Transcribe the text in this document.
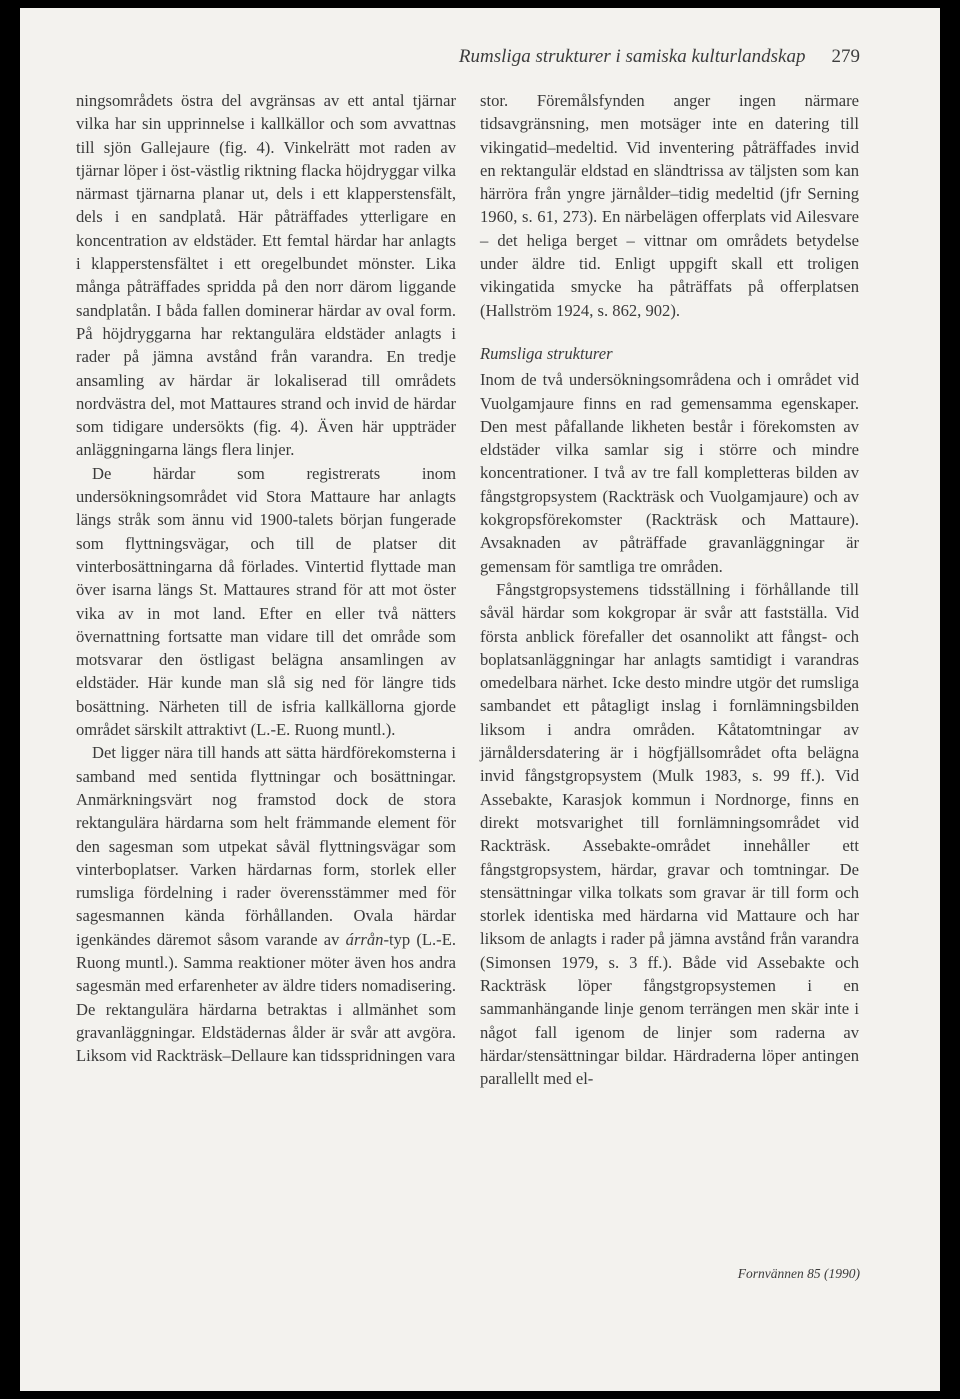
Rumsliga strukturer i samiska kulturlandskap 279

ningsområdets östra del avgränsas av ett antal tjärnar vilka har sin upprinnelse i kallkällor och som avvattnas till sjön Gallejaure (fig. 4). Vinkelrätt mot raden av tjärnar löper i öst-västlig riktning flacka höjdryggar vilka närmast tjärnarna planar ut, dels i ett klapperstensfält, dels i en sandplatå. Här påträffades ytterligare en koncentration av eldstäder. Ett femtal härdar har anlagts i klapperstensfältet i ett oregelbundet mönster. Lika många påträffades spridda på den norr därom liggande sandplatån. I båda fallen dominerar härdar av oval form. På höjdryggarna har rektangulära eldstäder anlagts i rader på jämna avstånd från varandra. En tredje ansamling av härdar är lokaliserad till områdets nordvästra del, mot Mattaures strand och invid de härdar som tidigare undersökts (fig. 4). Även här uppträder anläggningarna längs flera linjer.

De härdar som registrerats inom undersökningsområdet vid Stora Mattaure har anlagts längs stråk som ännu vid 1900-talets början fungerade som flyttningsvägar, och till de platser dit vinterbosättningarna då förlades. Vintertid flyttade man över isarna längs St. Mattaures strand för att mot öster vika av in mot land. Efter en eller två nätters övernattning fortsatte man vidare till det område som motsvarar den östligast belägna ansamlingen av eldstäder. Här kunde man slå sig ned för längre tids bosättning. Närheten till de isfria kallkällorna gjorde området särskilt attraktivt (L.-E. Ruong muntl.).

Det ligger nära till hands att sätta härdförekomsterna i samband med sentida flyttningar och bosättningar. Anmärkningsvärt nog framstod dock de stora rektangulära härdarna som helt främmande element för den sagesman som utpekat såväl flyttningsvägar som vinterboplatser. Varken härdarnas form, storlek eller rumsliga fördelning i rader överensstämmer med för sagesmannen kända förhållanden. Ovala härdar igenkändes däremot såsom varande av árrån-typ (L.-E. Ruong muntl.). Samma reaktioner möter även hos andra sagesmän med erfarenheter av äldre tiders nomadisering. De rektangulära härdarna betraktas i allmänhet som gravanläggningar. Eldstädernas ålder är svår att avgöra. Liksom vid Rackträsk–Dellaure kan tidsspridningen vara

stor. Föremålsfynden anger ingen närmare tidsavgränsning, men motsäger inte en datering till vikingatid–medeltid. Vid inventering påträffades invid en rektangulär eldstad en sländtrissa av täljsten som kan härröra från yngre järnålder–tidig medeltid (jfr Serning 1960, s. 61, 273). En närbelägen offerplats vid Ailesvare – det heliga berget – vittnar om områdets betydelse under äldre tid. Enligt uppgift skall ett troligen vikingatida smycke ha påträffats på offerplatsen (Hallström 1924, s. 862, 902).

Rumsliga strukturer

Inom de två undersökningsområdena och i området vid Vuolgamjaure finns en rad gemensamma egenskaper. Den mest påfallande likheten består i förekomsten av eldstäder vilka samlar sig i större och mindre koncentrationer. I två av tre fall kompletteras bilden av fångstgropsystem (Rackträsk och Vuolgamjaure) och av kokgropsförekomster (Rackträsk och Mattaure). Avsaknaden av påträffade gravanläggningar är gemensam för samtliga tre områden.

Fångstgropsystemens tidsställning i förhållande till såväl härdar som kokgropar är svår att fastställa. Vid första anblick förefaller det osannolikt att fångst- och boplatsanläggningar har anlagts samtidigt i varandras omedelbara närhet. Icke desto mindre utgör det rumsliga sambandet ett påtagligt inslag i fornlämningsbilden liksom i andra områden. Kåtatomtningar av järnåldersdatering är i högfjällsområdet ofta belägna invid fångstgropsystem (Mulk 1983, s. 99 ff.). Vid Assebakte, Karasjok kommun i Nordnorge, finns en direkt motsvarighet till fornlämningsområdet vid Rackträsk. Assebakte-området innehåller ett fångstgropsystem, härdar, gravar och tomtningar. De stensättningar vilka tolkats som gravar är till form och storlek identiska med härdarna vid Mattaure och har liksom de anlagts i rader på jämna avstånd från varandra (Simonsen 1979, s. 3 ff.). Både vid Assebakte och Rackträsk löper fångstgropsystemen i en sammanhängande linje genom terrängen men skär inte i något fall igenom de linjer som raderna av härdar/stensättningar bildar. Härdraderna löper antingen parallellt med el-

Fornvännen 85 (1990)
